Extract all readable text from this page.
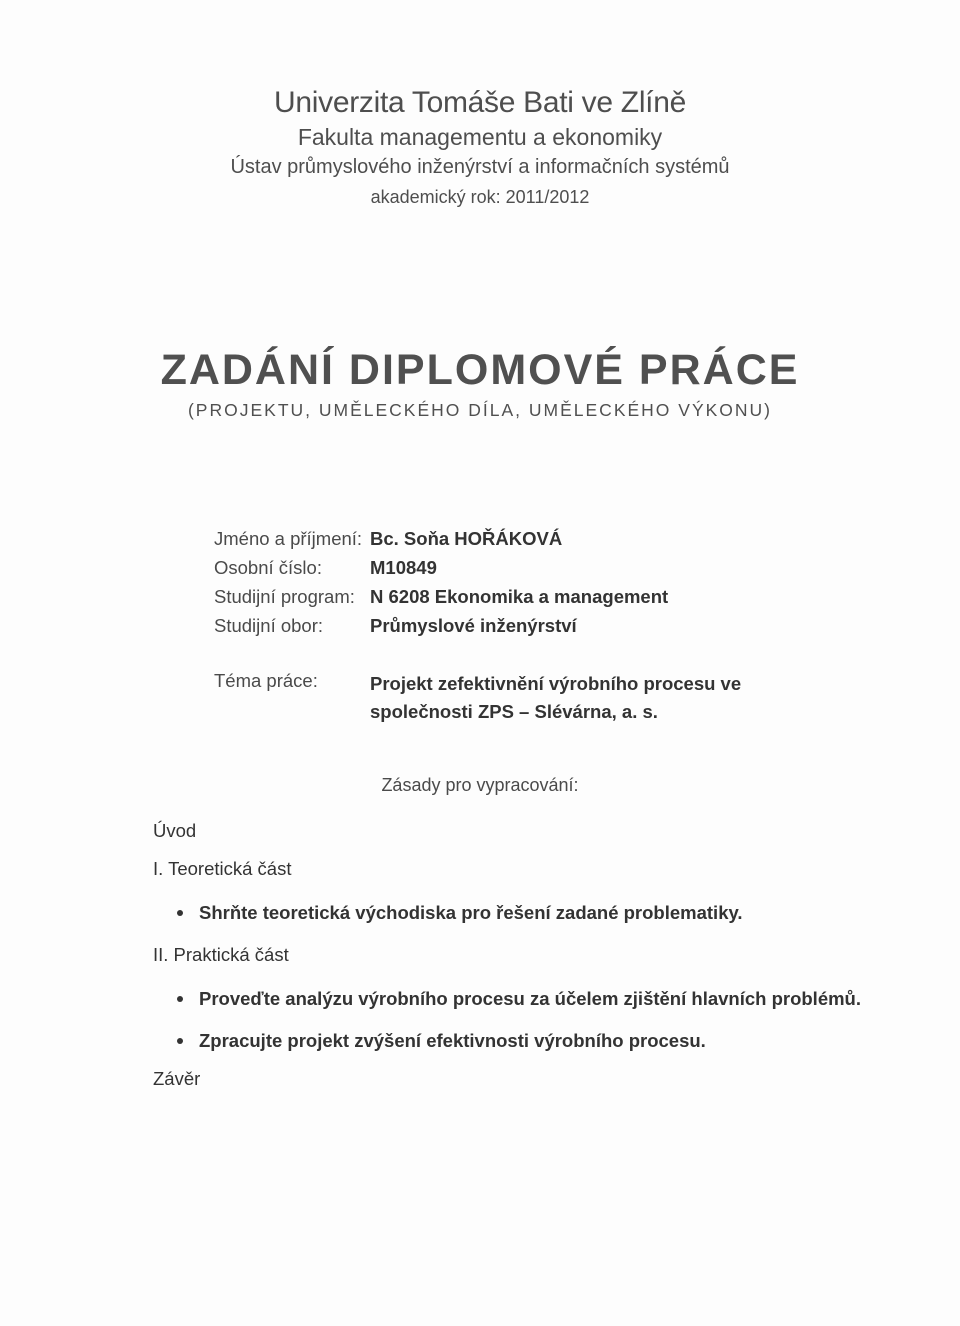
Univerzita Tomáše Bati ve Zlíně
Fakulta managementu a ekonomiky
Ústav průmyslového inženýrství a informačních systémů
akademický rok: 2011/2012
ZADÁNÍ DIPLOMOVÉ PRÁCE
(PROJEKTU, UMĚLECKÉHO DÍLA, UMĚLECKÉHO VÝKONU)
Jméno a příjmení: Bc. Soňa HOŘÁKOVÁ
Osobní číslo:	M10849
Studijní program: N 6208 Ekonomika a management
Studijní obor:	Průmyslové inženýrství
Téma práce:	Projekt zefektivnění výrobního procesu ve
společnosti ZPS – Slévárna, a. s.
Zásady pro vypracování:
Úvod
I. Teoretická část
Shrňte teoretická východiska pro řešení zadané problematiky.
II. Praktická část
Proveďte analýzu výrobního procesu za účelem zjištění hlavních problémů.
Zpracujte projekt zvýšení efektivnosti výrobního procesu.
Závěr
